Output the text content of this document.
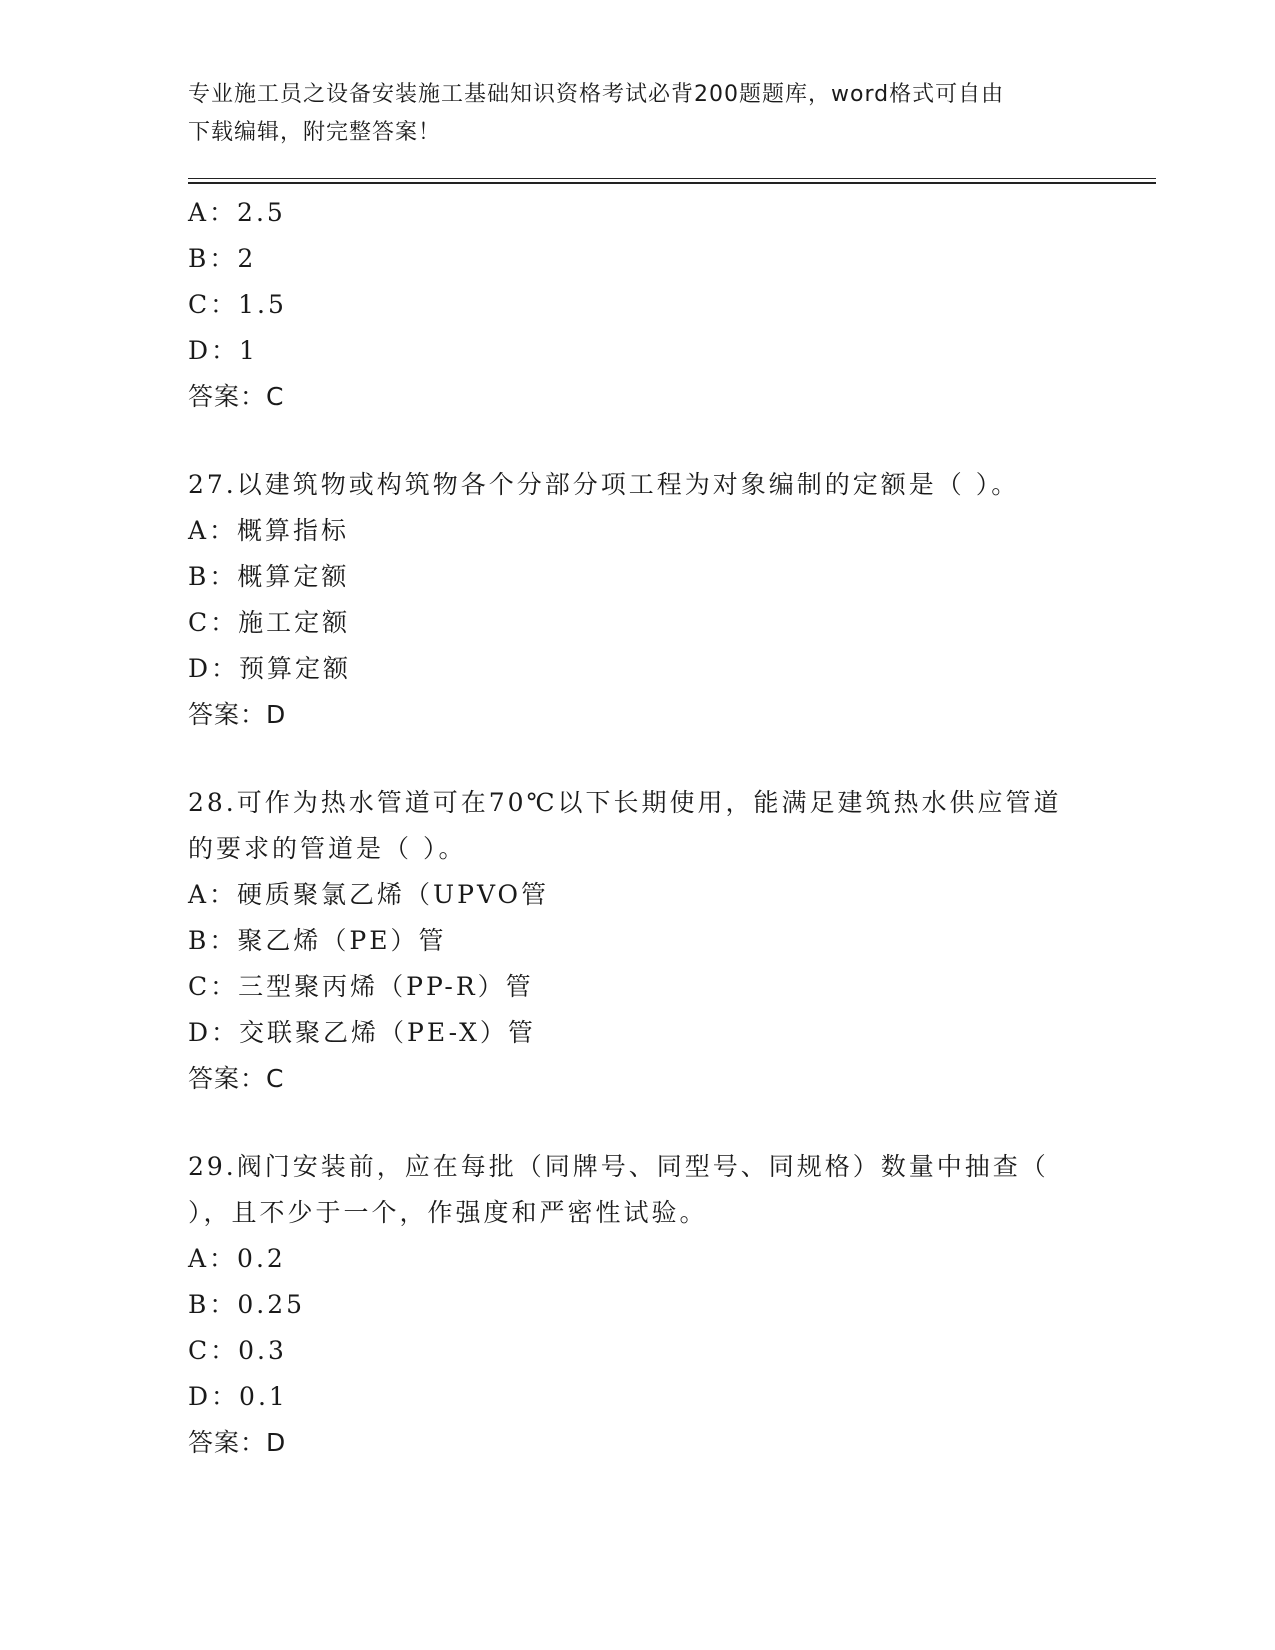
专业施工员之设备安装施工基础知识资格考试必背200题题库，word格式可自由
下载编辑，附完整答案！
A：2.5
B：2
C：1.5
D：1
答案：C
27.以建筑物或构筑物各个分部分项工程为对象编制的定额是（ ）。
A：概算指标
B：概算定额
C：施工定额
D：预算定额
答案：D
28.可作为热水管道可在70℃以下长期使用，能满足建筑热水供应管道
的要求的管道是（ ）。
A：硬质聚氯乙烯（UPVO管
B：聚乙烯（PE）管
C：三型聚丙烯（PP-R）管
D：交联聚乙烯（PE-X）管
答案：C
29.阀门安装前，应在每批（同牌号、同型号、同规格）数量中抽查（
），且不少于一个，作强度和严密性试验。
A：0.2
B：0.25
C：0.3
D：0.1
答案：D
